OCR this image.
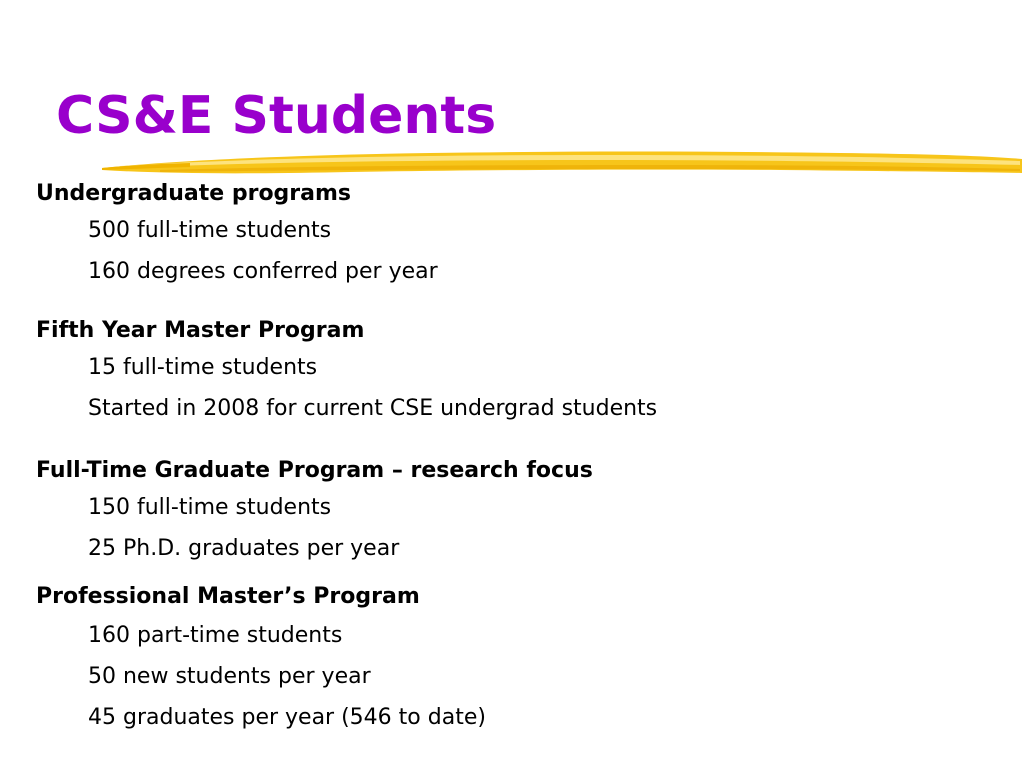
CS&E Students
Undergraduate programs
500 full-time students
160 degrees conferred per year
Fifth Year Master Program
15 full-time students
Started in 2008 for current CSE undergrad students
Full-Time Graduate Program – research focus
150 full-time students
25 Ph.D. graduates per year
Professional Master’s Program
160 part-time students
50 new students per year
45 graduates per year (546 to date)
